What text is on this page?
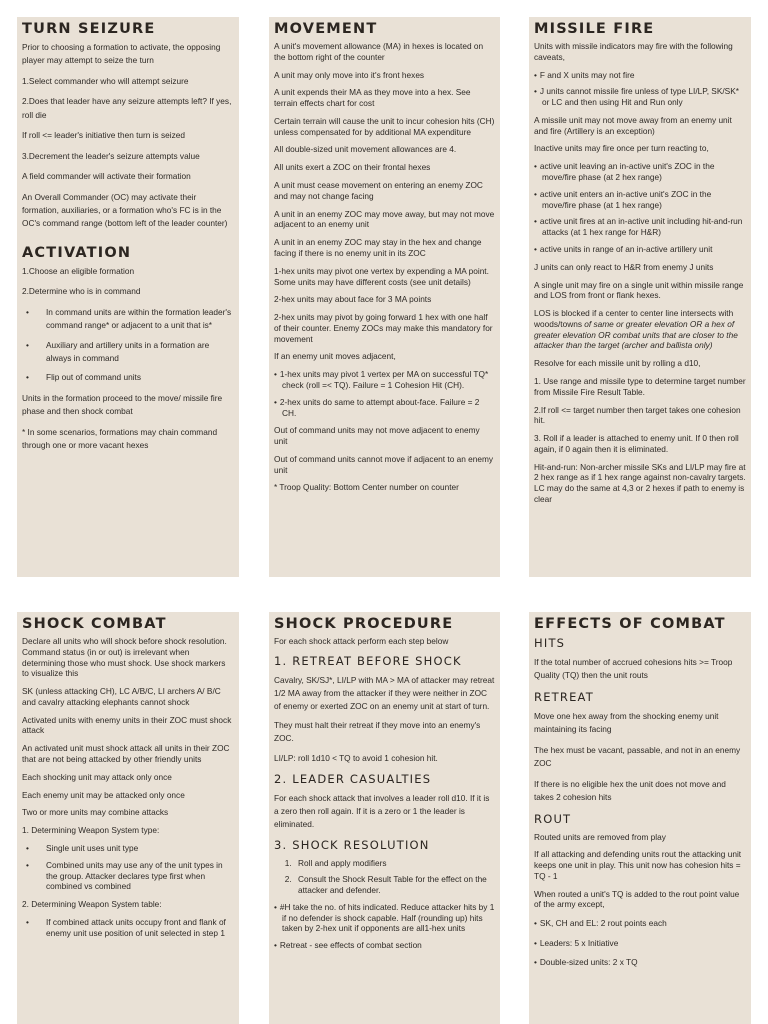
TURN SEIZURE

Prior to choosing a formation to activate, the opposing player may attempt to seize the turn

1.Select commander who will attempt seizure

2.Does that leader have any seizure attempts left? If yes, roll die

If roll <= leader's initiative then turn is seized

3.Decrement the leader's seizure attempts value

A field commander will activate their formation

An Overall Commander (OC) may activate their formation, auxiliaries, or a formation who's FC is in the OC's command range (bottom left of the leader counter)

ACTIVATION

1.Choose an eligible formation

2.Determine who is in command

• In command units are within the formation leader's command range* or adjacent to a unit that is*
• Auxiliary and artillery units in a formation are always in command
• Flip out of command units

Units in the formation proceed to the move/ missile fire phase and then shock combat

* In some scenarios, formations may chain command through one or more vacant hexes

MOVEMENT

A unit's movement allowance (MA) in hexes is located on the bottom right of the counter

A unit may only move into it's front hexes

A unit expends their MA as they move into a hex. See terrain effects chart for cost

Certain terrain will cause the unit to incur cohesion hits (CH) unless compensated for by additional MA expenditure

All double-sized unit movement allowances are 4.

All units exert a ZOC on their frontal hexes

A unit must cease movement on entering an enemy ZOC and may not change facing

A unit in an enemy ZOC may move away, but may not move adjacent to an enemy unit

A unit in an enemy ZOC may stay in the hex and change facing if there is no enemy unit in its ZOC

1-hex units may pivot one vertex by expending a MA point. Some units may have different costs (see unit details)

2-hex units may about face for 3 MA points

2-hex units may pivot by going forward 1 hex with one half of their counter. Enemy ZOCs may make this mandatory for movement

If an enemy unit moves adjacent,

• 1-hex units may pivot 1 vertex per MA on successful TQ* check (roll =< TQ). Failure = 1 Cohesion Hit (CH).
• 2-hex units do same to attempt about-face. Failure = 2 CH.

Out of command units may not move adjacent to enemy unit

Out of command units cannot move if adjacent to an enemy unit

* Troop Quality: Bottom Center number on counter

MISSILE FIRE

Units with missile indicators may fire with the following caveats,

• F and X units may not fire
• J units cannot missile fire unless of type LI/LP, SK/SK* or LC and then using Hit and Run only

A missile unit may not move away from an enemy unit and fire (Artillery is an exception)

Inactive units may fire once per turn reacting to,

• active unit leaving an in-active unit's ZOC in the move/fire phase (at 2 hex range)
• active unit enters an in-active unit's ZOC in the move/fire phase (at 1 hex range)
• active unit fires at an in-active unit including hit-and-run attacks (at 1 hex range for H&R)
• active units in range of an in-active artillery unit

J units can only react to H&R from enemy J units

A single unit may fire on a single unit within missile range and LOS from front or flank hexes.

LOS is blocked if a center to center line intersects with woods/towns of same or greater elevation OR a hex of greater elevation OR combat units that are closer to the attacker than the target (archer and ballista only)

Resolve for each missile unit by rolling a d10,

1. Use range and missile type to determine target number from Missile Fire Result Table.

2.If roll <= target number then target takes one cohesion hit.

3. Roll if a leader is attached to enemy unit. If 0 then roll again, if 0 again then it is eliminated.

Hit-and-run: Non-archer missile SKs and LI/LP may fire at 2 hex range as if 1 hex range against non-cavalry targets. LC may do the same at 4,3 or 2 hexes if path to enemy is clear

SHOCK COMBAT

Declare all units who will shock before shock resolution. Command status (in or out) is irrelevant when determining those who must shock. Use shock markers to visualize this

SK (unless attacking CH), LC A/B/C, LI archers A/ B/C and cavalry attacking elephants cannot shock

Activated units with enemy units in their ZOC must shock attack

An activated unit must shock attack all units in their ZOC that are not being attacked by other friendly units

Each shocking unit may attack only once

Each enemy unit may be attacked only once

Two or more units may combine attacks

1. Determining Weapon System type:

• Single unit uses unit type
• Combined units may use any of the unit types in the group. Attacker declares type first when combined vs combined

2. Determining Weapon System table:

• If combined attack units occupy front and flank of enemy unit use position of unit selected in step 1
SHOCK PROCEDURE

For each shock attack perform each step below

1. RETREAT BEFORE SHOCK

Cavalry, SK/SJ*, LI/LP with MA > MA of attacker may retreat 1/2 MA away from the attacker if they were neither in ZOC of enemy or exerted ZOC on an enemy unit at start of turn.

They must halt their retreat if they move into an enemy's ZOC.

LI/LP: roll 1d10 < TQ to avoid 1 cohesion hit.

2. LEADER CASUALTIES

For each shock attack that involves a leader roll d10. If it is a zero then roll again. If it is a zero or 1 the leader is eliminated.

3. SHOCK RESOLUTION
1. Roll and apply modifiers
2. Consult the Shock Result Table for the effect on the attacker and defender.
• #H take the no. of hits indicated. Reduce attacker hits by 1 if no defender is shock capable. Half (rounding up) hits taken by 2-hex unit if opponents are all1-hex units
• Retreat - see effects of combat section
EFFECTS OF COMBAT
HITS

If the total number of accrued cohesions hits >= Troop Quality (TQ) then the unit routs

RETREAT

Move one hex away from the shocking enemy unit maintaining its facing

The hex must be vacant, passable, and not in an enemy ZOC

If there is no eligible hex the unit does not move and takes 2 cohesion hits

ROUT

Routed units are removed from play

If all attacking and defending units rout the attacking unit keeps one unit in play. This unit now has cohesion hits = TQ - 1

When routed a unit's TQ is added to the rout point value of the army except,

• SK, CH and EL: 2 rout points each
• Leaders: 5 x Initiative
• Double-sized units: 2 x TQ
